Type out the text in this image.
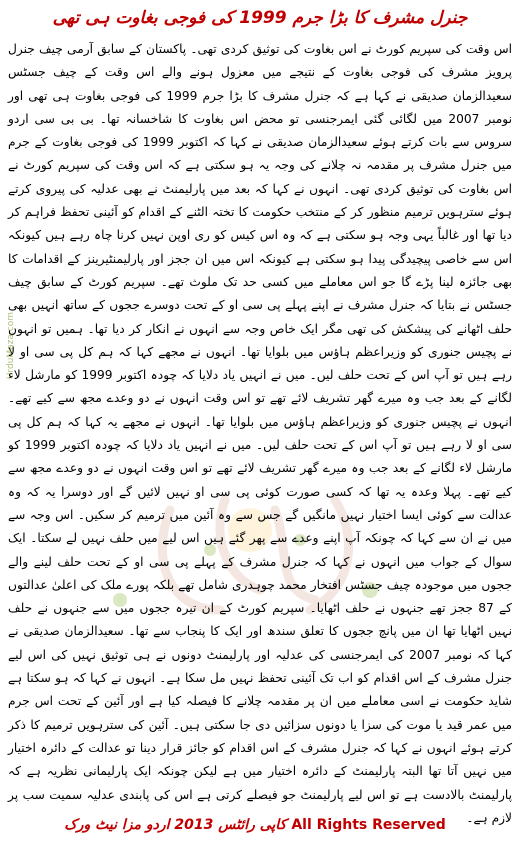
جنرل مشرف کا بڑا جرم 1999 کی فوجی بغاوت ہی تھی
اس وقت کی سپریم کورٹ نے اس بغاوت کی توثیق کردی تھی۔ پاکستان کے سابق آرمی چیف جنرل پرویز مشرف کی فوجی بغاوت کے نتیجے میں معزول ہونے والے اس وقت کے چیف جسٹس سعیدالزمان صدیقی نے کہا ہے کہ جنرل مشرف کا بڑا جرم 1999 کی فوجی بغاوت ہی تھی اور نومبر 2007 میں لگائی گئی ایمرجنسی تو محض اس بغاوت کا شاخسانہ تھا۔ بی بی سی اردو سروس سے بات کرتے ہوئے سعیدالزمان صدیقی نے کہا کہ اکتوبر 1999 کی فوجی بغاوت کے جرم میں جنرل مشرف پر مقدمہ نہ چلانے کی وجہ یہ ہو سکتی ہے کہ اس وقت کی سپریم کورٹ نے اس بغاوت کی توثیق کردی تھی۔ انہوں نے کہا کہ بعد میں پارلیمنٹ نے بھی عدلیہ کی پیروی کرتے ہوئے سترہویں ترمیم منظور کر کے منتخب حکومت کا تختہ الٹنے کے اقدام کو آئینی تحفظ فراہم کر دیا تھا اور غالباً یہی وجہ ہو سکتی ہے کہ وہ اس کیس کو ری اوپن نہیں کرنا چاہ رہے ہیں کیونکہ اس سے خاصی پیچیدگی پیدا ہو سکتی ہے کیونکہ اس میں ان ججز اور پارلیمنٹیرینز کے اقدامات کا بھی جائزہ لینا پڑے گا جو اس معاملے میں کسی حد تک ملوث تھے۔ سپریم کورٹ کے سابق چیف جسٹس نے بتایا کہ جنرل مشرف نے اپنے پہلے پی سی او کے تحت دوسرے ججوں کے ساتھ انہیں بھی حلف اٹھانے کی پیشکش کی تھی مگر ایک خاص وجہ سے انہوں نے انکار کر دیا تھا۔ ہمیں تو انہوں نے پچیس جنوری کو وزیراعظم ہاؤس میں بلوایا تھا۔ انہوں نے مجھے کہا کہ ہم کل پی سی او لا رہے ہیں تو آپ اس کے تحت حلف لیں۔ میں نے انہیں یاد دلایا کہ چودہ اکتوبر 1999 کو مارشل لاء لگانے کے بعد جب وہ میرے گھر تشریف لائے تھے تو اس وقت انہوں نے دو وعدے مجھ سے کیے تھے۔ انہوں نے پچیس جنوری کو وزیراعظم ہاؤس میں بلوایا تھا۔ انہوں نے مجھے یہ کہا کہ ہم کل پی سی او لا رہے ہیں تو آپ اس کے تحت حلف لیں۔ میں نے انہیں یاد دلایا کہ چودہ اکتوبر 1999 کو مارشل لاء لگانے کے بعد جب وہ میرے گھر تشریف لائے تھے تو اس وقت انہوں نے دو وعدے مجھ سے کیے تھے۔ پہلا وعدہ یہ تھا کہ کسی صورت کوئی پی سی او نہیں لائیں گے اور دوسرا یہ کہ وہ عدالت سے کوئی ایسا اختیار نہیں مانگیں گے جس سے وہ آئین میں ترمیم کر سکیں۔ اس وجہ سے میں نے ان سے کہا کہ چونکہ آپ اپنے وعدے سے پھر گئے ہیں اس لیے میں حلف نہیں لے سکتا۔ ایک سوال کے جواب میں انہوں نے کہا کہ جنرل مشرف کے پہلے پی سی او کے تحت حلف لینے والے ججوں میں موجودہ چیف جسٹس افتخار محمد چوہدری شامل تھے بلکہ پورے ملک کی اعلیٰ عدالتوں کے 87 ججز تھے جنہوں نے حلف اٹھایا۔ سپریم کورٹ کے ان تیرہ ججوں میں سے جنہوں نے حلف نہیں اٹھایا تھا ان میں پانچ ججوں کا تعلق سندھ اور ایک کا پنجاب سے تھا۔ سعیدالزمان صدیقی نے کہا کہ نومبر 2007 کی ایمرجنسی کی عدلیہ اور پارلیمنٹ دونوں نے ہی توثیق نہیں کی اس لیے جنرل مشرف کے اس اقدام کو اب تک آئینی تحفظ نہیں مل سکا ہے۔ انہوں نے کہا کہ ہو سکتا ہے شاید حکومت نے اسی معاملے میں ان پر مقدمہ چلانے کا فیصلہ کیا ہے اور آئین کے تحت اس جرم میں عمر قید یا موت کی سزا یا دونوں سزائیں دی جا سکتی ہیں۔ آئین کی سترہویں ترمیم کا ذکر کرتے ہوئے انہوں نے کہا کہ جنرل مشرف کے اس اقدام کو جائز قرار دینا تو عدالت کے دائرہ اختیار میں نہیں آتا تھا البتہ پارلیمنٹ کے دائرہ اختیار میں ہے لیکن چونکہ ایک پارلیمانی نظریہ ہے کہ پارلیمنٹ بالادست ہے تو اس لیے پارلیمنٹ جو فیصلے کرتی ہے اس کی پابندی عدلیہ سمیت سب پر لازم ہے۔
UrduMaza.com
کاپی رائٹس 2013 اردو مزا نیٹ ورک All Rights Reserved
